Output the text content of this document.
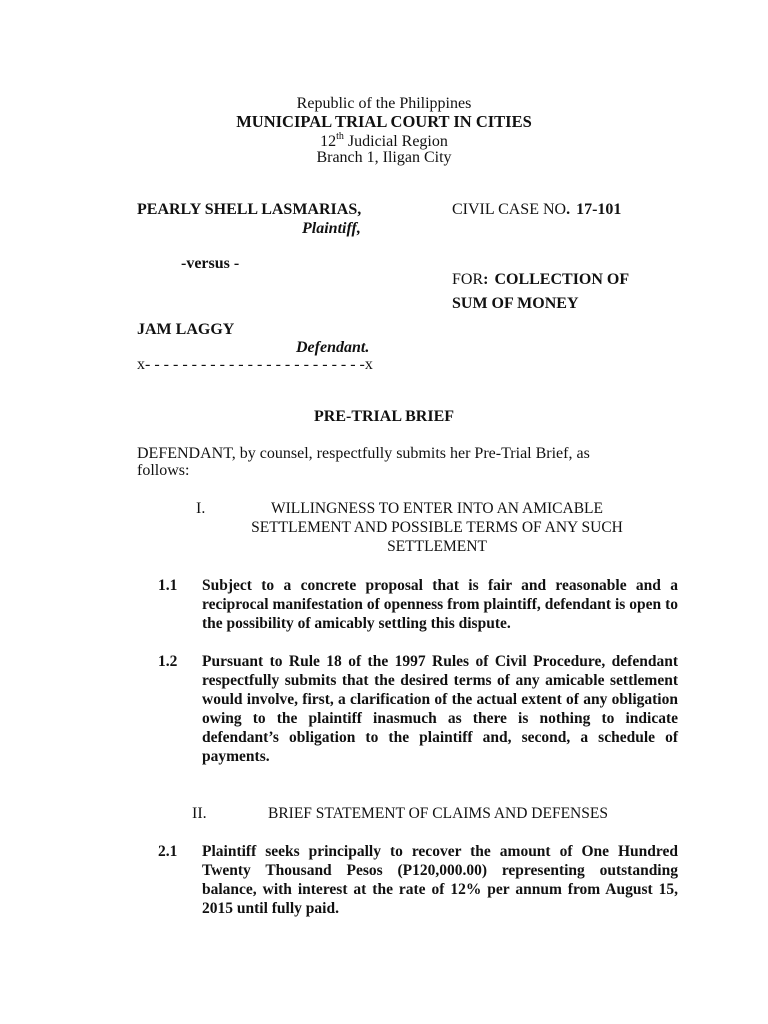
Republic of the Philippines
MUNICIPAL TRIAL COURT IN CITIES
12th Judicial Region
Branch 1, Iligan City
PEARLY SHELL LASMARIAS,
Plaintiff,
-versus -
JAM LAGGY
Defendant.
x- - - - - - - - - - - - - - - - - - - - - - - -x
CIVIL CASE NO. 17-101
FOR: COLLECTION OF
SUM OF MONEY
PRE-TRIAL BRIEF
DEFENDANT, by counsel, respectfully submits her Pre-Trial Brief, as
follows:
I.	WILLINGNESS TO ENTER INTO AN AMICABLE
SETTLEMENT AND POSSIBLE TERMS OF ANY SUCH
SETTLEMENT
1.1 Subject to a concrete proposal that is fair and reasonable and a reciprocal manifestation of openness from plaintiff, defendant is open to the possibility of amicably settling this dispute.
1.2 Pursuant to Rule 18 of the 1997 Rules of Civil Procedure, defendant respectfully submits that the desired terms of any amicable settlement would involve, first, a clarification of the actual extent of any obligation owing to the plaintiff inasmuch as there is nothing to indicate defendant’s obligation to the plaintiff and, second, a schedule of payments.
II.	BRIEF STATEMENT OF CLAIMS AND DEFENSES
2.1 Plaintiff seeks principally to recover the amount of One Hundred Twenty Thousand Pesos (P120,000.00) representing outstanding balance, with interest at the rate of 12% per annum from August 15, 2015 until fully paid.
